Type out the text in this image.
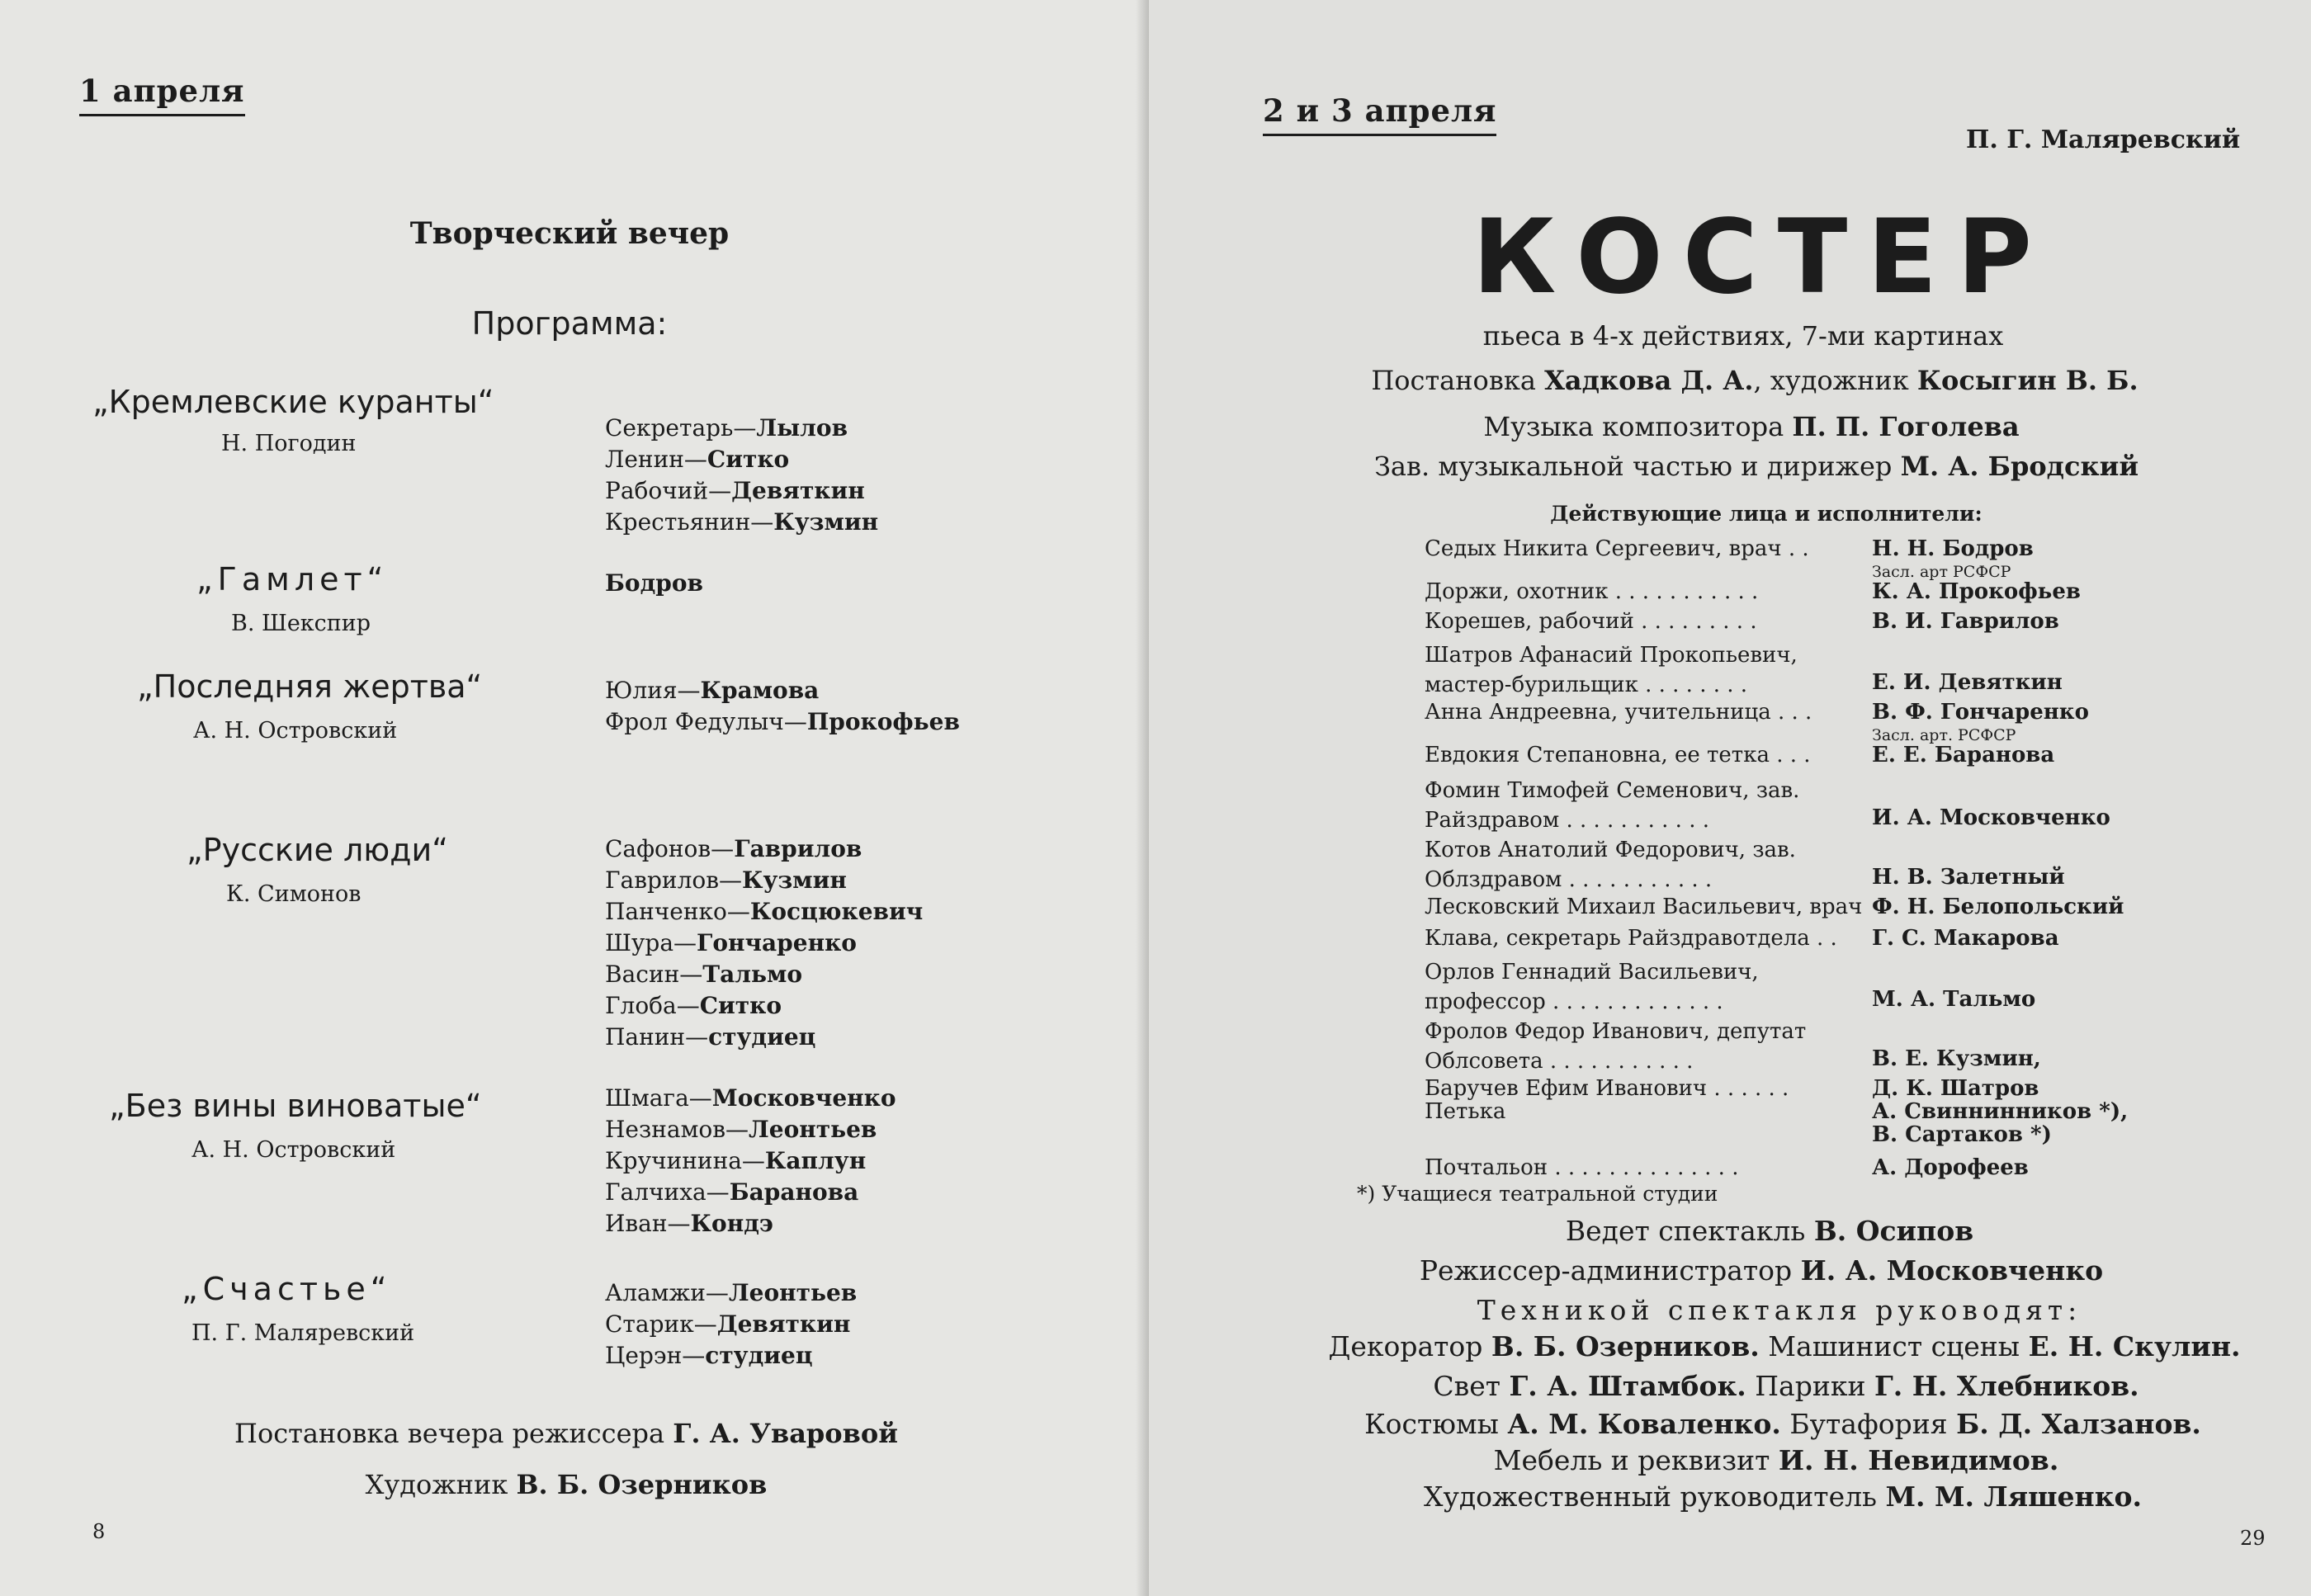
1 апреля
Творческий вечер
Программа:
„Кремлевские куранты“
Н. Погодин
Секретарь—Лылов
Ленин—Ситко
Рабочий—Девяткин
Крестьянин—Кузмин
„Гамлет“
В. Шекспир
Бодров
„Последняя жертва“
А. Н. Островский
Юлия—Крамова
Фрол Федулыч—Прокофьев
„Русские люди“
К. Симонов
Сафонов—Гаврилов
Гаврилов—Кузмин
Панченко—Косцюкевич
Шура—Гончаренко
Васин—Тальмо
Глоба—Ситко
Панин—студиец
„Без вины виноватые“
А. Н. Островский
Шмага—Московченко
Незнамов—Леонтьев
Кручинина—Каплун
Галчиха—Баранова
Иван—Кондэ
„Счастье“
П. Г. Маляревский
Аламжи—Леонтьев
Старик—Девяткин
Церэн—студиец
Постановка вечера режиссера Г. А. Уваровой
Художник В. Б. Озерников
8
2 и 3 апреля
П. Г. Маляревский
КОСТЕР
пьеса в 4-х действиях, 7-ми картинах
Постановка Хадкова Д. А., художник Косыгин В. Б.
Музыка композитора П. П. Гоголева
Зав. музыкальной частью и дирижер М. А. Бродский
Действующие лица и исполнители:
Седых Никита Сергеевич, врач . .	Н. Н. Бодров
Засл. арт РСФСР
Доржи, охотник . . . . . . . . . . .	К. А. Прокофьев
Корешев, рабочий . . . . . . . . .	В. И. Гаврилов
Шатров Афанасий Прокопьевич, мастер-бурильщик . . . . . . . .	Е. И. Девяткин
Анна Андреевна, учительница . . .	В. Ф. Гончаренко
Засл. арт. РСФСР
Евдокия Степановна, ее тетка . . .	Е. Е. Баранова
Фомин Тимофей Семенович, зав. Райздравом . . . . . . . . . . .	И. А. Московченко
Котов Анатолий Федорович, зав. Облздравом . . . . . . . . . . .	Н. В. Залетный
Лесковский Михаил Васильевич, врач Ф. Н. Белопольский
Клава, секретарь Райздравотдела . . Г. С. Макарова
Орлов Геннадий Васильевич, профессор . . . . . . . . . . . . .	М. А. Тальмо
Фролов Федор Иванович, депутат Облсовета . . . . . . . . . . .	В. Е. Кузмин,
Баручев Ефим Иванович . . . . . .	Д. К. Шатров
Петька	А. Свиннинников *),
В. Сартаков *)
Почтальон . . . . . . . . . . . . . .	А. Дорофеев
*) Учащиеся театральной студии
Ведет спектакль В. Осипов
Режиссер-администратор И. А. Московченко
Техникой спектакля руководят:
Декоратор В. Б. Озерников. Машинист сцены Е. Н. Скулин.
Свет Г. А. Штамбок. Парики Г. Н. Хлебников.
Костюмы А. М. Коваленко. Бутафория Б. Д. Халзанов.
Мебель и реквизит И. Н. Невидимов.
Художественный руководитель М. М. Ляшенко.
29
